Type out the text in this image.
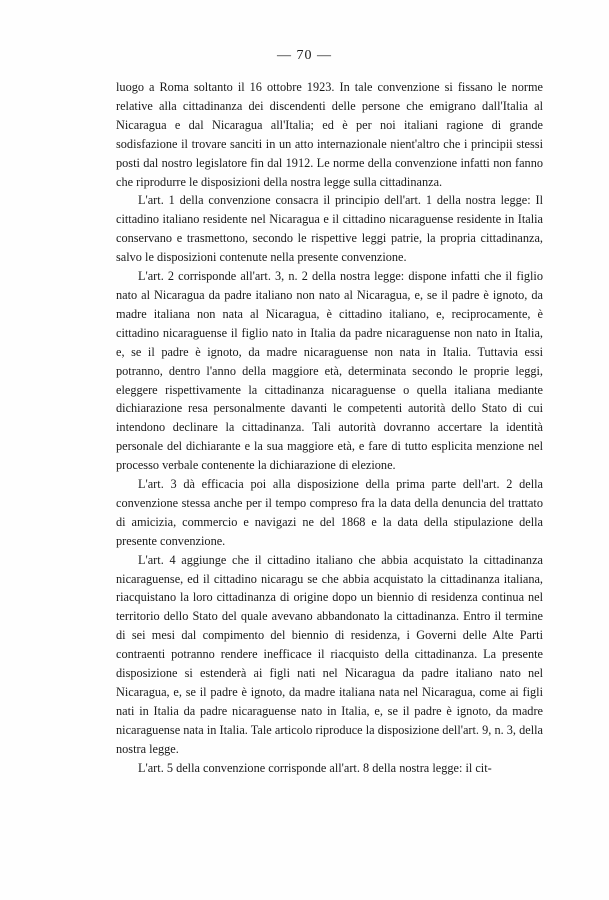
— 70 —

luogo a Roma soltanto il 16 ottobre 1923. In tale convenzione si fissano le norme relative alla cittadinanza dei discendenti delle persone che emigrano dall'Italia al Nicaragua e dal Nicaragua all'Italia; ed è per noi italiani ragione di grande sodisfazione il trovare sanciti in un atto internazionale nient'altro che i principii stessi posti dal nostro legislatore fin dal 1912. Le norme della convenzione infatti non fanno che riprodurre le disposizioni della nostra legge sulla cittadinanza.

L'art. 1 della convenzione consacra il principio dell'art. 1 della nostra legge: Il cittadino italiano residente nel Nicaragua e il cittadino nicaraguense residente in Italia conservano e trasmettono, secondo le rispettive leggi patrie, la propria cittadinanza, salvo le disposizioni contenute nella presente convenzione.

L'art. 2 corrisponde all'art. 3, n. 2 della nostra legge: dispone infatti che il figlio nato al Nicaragua da padre italiano non nato al Nicaragua, e, se il padre è ignoto, da madre italiana non nata al Nicaragua, è cittadino italiano, e, reciprocamente, è cittadino nicaraguense il figlio nato in Italia da padre nicaraguense non nato in Italia, e, se il padre è ignoto, da madre nicaraguense non nata in Italia. Tuttavia essi potranno, dentro l'anno della maggiore età, determinata secondo le proprie leggi, eleggere rispettivamente la cittadinanza nicaraguense o quella italiana mediante dichiarazione resa personalmente davanti le competenti autorità dello Stato di cui intendono declinare la cittadinanza. Tali autorità dovranno accertare la identità personale del dichiarante e la sua maggiore età, e fare di tutto esplicita menzione nel processo verbale contenente la dichiarazione di elezione.

L'art. 3 dà efficacia poi alla disposizione della prima parte dell'art. 2 della convenzione stessa anche per il tempo compreso fra la data della denuncia del trattato di amicizia, commercio e navigazi ne del 1868 e la data della stipulazione della presente convenzione.

L'art. 4 aggiunge che il cittadino italiano che abbia acquistato la cittadinanza nicaraguense, ed il cittadino nicaragu se che abbia acquistato la cittadinanza italiana, riacquistano la loro cittadinanza di origine dopo un biennio di residenza continua nel territorio dello Stato del quale avevano abbandonato la cittadinanza. Entro il termine di sei mesi dal compimento del biennio di residenza, i Governi delle Alte Parti contraenti potranno rendere inefficace il riacquisto della cittadinanza. La presente disposizione si estenderà ai figli nati nel Nicaragua da padre italiano nato nel Nicaragua, e, se il padre è ignoto, da madre italiana nata nel Nicaragua, come ai figli nati in Italia da padre nicaraguense nato in Italia, e, se il padre è ignoto, da madre nicaraguense nata in Italia. Tale articolo riproduce la disposizione dell'art. 9, n. 3, della nostra legge.

L'art. 5 della convenzione corrisponde all'art. 8 della nostra legge: il cit-
